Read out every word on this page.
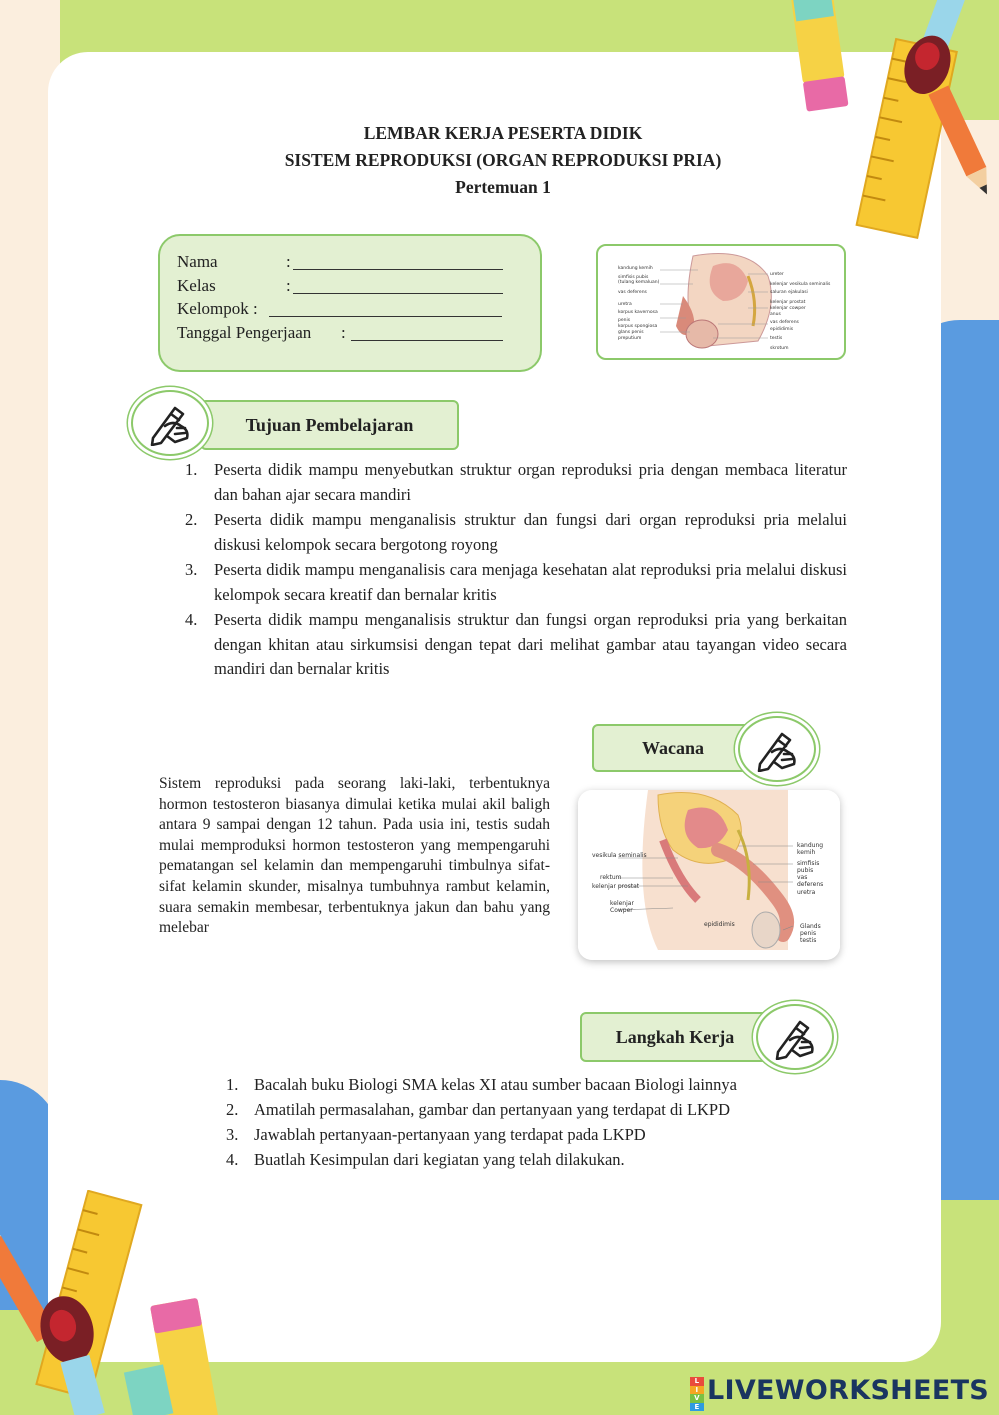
LEMBAR KERJA PESERTA DIDIK
SISTEM REPRODUKSI (ORGAN REPRODUKSI PRIA)
Pertemuan 1
Nama	:
Kelas	:
Kelompok :
Tanggal Pengerjaan :
kandung kemih
simfisis pubis
(tulang kemaluan)
vas deferens
uretra
korpus kavernosa
penis
korpus spongiosa
glans penis
preputium
ureter
kelenjar vesikula seminalis
saluran ejakulasi
kelenjar prostat
kelenjar cowper
anus
vas deferens
epididimis
testis
skrotum
Tujuan Pembelajaran
1. Peserta didik mampu menyebutkan struktur organ reproduksi pria dengan membaca literatur dan bahan ajar secara mandiri
2. Peserta didik mampu menganalisis struktur dan fungsi dari organ reproduksi pria melalui diskusi kelompok secara bergotong royong
3. Peserta didik mampu menganalisis cara menjaga kesehatan alat reproduksi pria melalui diskusi kelompok secara kreatif dan bernalar kritis
4. Peserta didik mampu menganalisis struktur dan fungsi organ reproduksi pria yang berkaitan dengan khitan atau sirkumsisi dengan tepat dari melihat gambar atau tayangan video secara mandiri dan bernalar kritis
Wacana
Sistem reproduksi pada seorang laki-laki, terbentuknya hormon testosteron biasanya dimulai ketika mulai akil baligh antara 9 sampai dengan 12 tahun. Pada usia ini, testis sudah mulai memproduksi hormon testosteron yang mempengaruhi pematangan sel kelamin dan mempengaruhi timbulnya sifat-sifat kelamin skunder, misalnya tumbuhnya rambut kelamin, suara semakin membesar, terbentuknya jakun dan bahu yang melebar
vesikula seminalis
rektum
kelenjar prostat
kelenjar Cowper
epididimis
kandung kemih
simfisis pubis
vas deferens
uretra
Glands penis testis
Langkah Kerja
1. Bacalah buku Biologi SMA kelas XI atau sumber bacaan Biologi lainnya
2. Amatilah permasalahan, gambar dan pertanyaan yang terdapat di LKPD
3. Jawablah pertanyaan-pertanyaan yang terdapat pada LKPD
4. Buatlah Kesimpulan dari kegiatan yang telah dilakukan.
L
I
V
E
LIVEWORKSHEETS
